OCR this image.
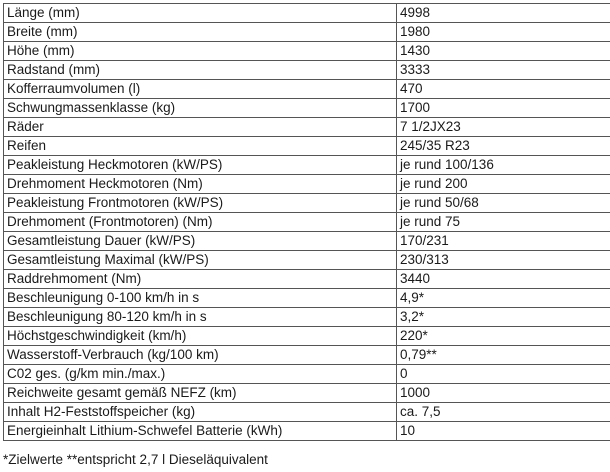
Länge (mm)	4998
Breite (mm)	1980
Höhe (mm)	1430
Radstand (mm)	3333
Kofferraumvolumen (l)	470
Schwungmassenklasse (kg)	1700
Räder	7 1/2JX23
Reifen	245/35 R23
Peakleistung Heckmotoren (kW/PS)	je rund 100/136
Drehmoment Heckmotoren (Nm)	je rund 200
Peakleistung Frontmotoren (kW/PS)	je rund 50/68
Drehmoment (Frontmotoren) (Nm)	je rund 75
Gesamtleistung Dauer (kW/PS)	170/231
Gesamtleistung Maximal (kW/PS)	230/313
Raddrehmoment (Nm)	3440
Beschleunigung 0-100 km/h in s	4,9*
Beschleunigung 80-120 km/h in s	3,2*
Höchstgeschwindigkeit (km/h)	220*
Wasserstoff-Verbrauch (kg/100 km)	0,79**
C02 ges. (g/km min./max.)	0
Reichweite gesamt gemäß NEFZ (km)	1000
Inhalt H2-Feststoffspeicher (kg)	ca. 7,5
Energieinhalt Lithium-Schwefel Batterie (kWh)	10
*Zielwerte **entspricht 2,7 l Dieseläquivalent
